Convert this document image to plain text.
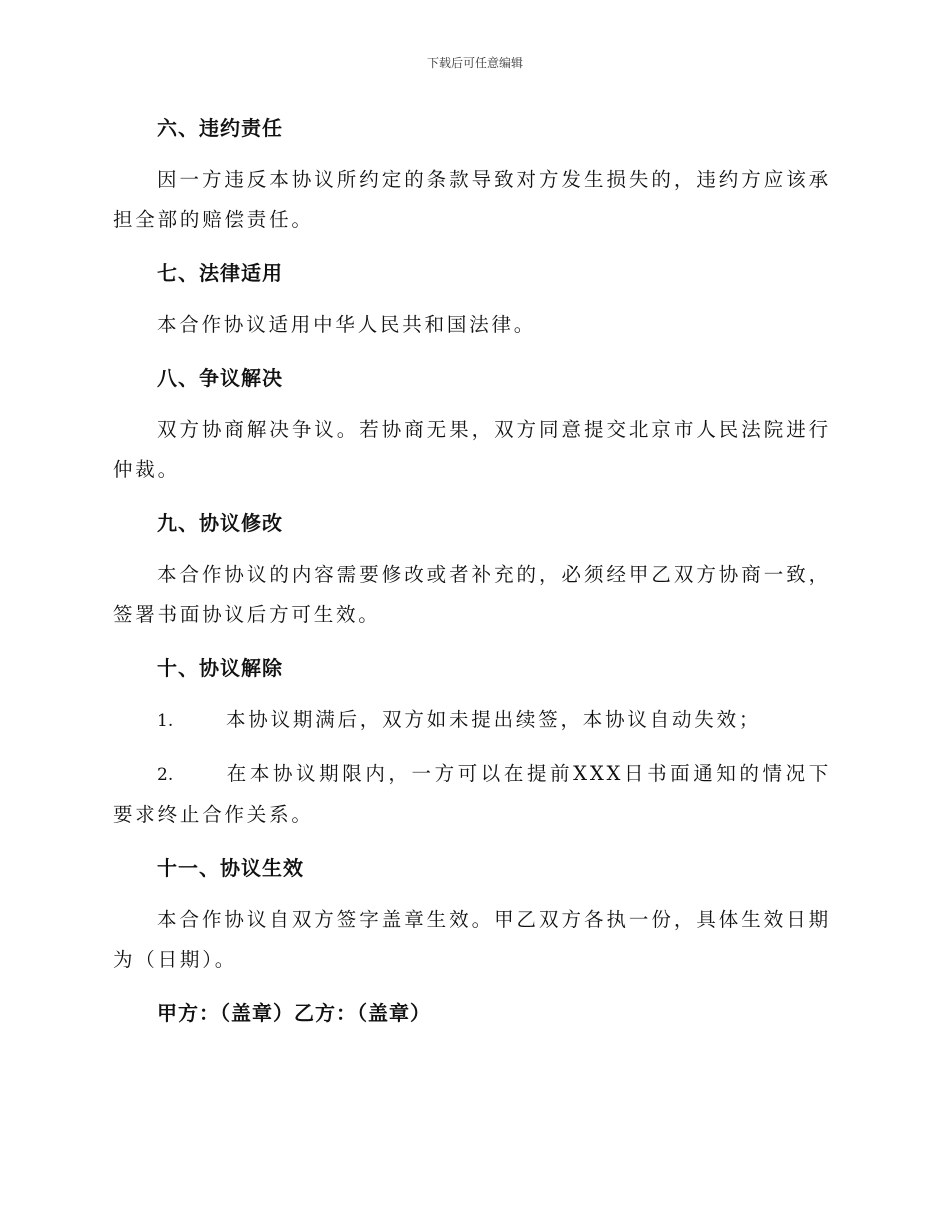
下载后可任意编辑
六、违约责任

因一方违反本协议所约定的条款导致对方发生损失的，违约方应该承担全部的赔偿责任。

七、法律适用

本合作协议适用中华人民共和国法律。

八、争议解决

双方协商解决争议。若协商无果，双方同意提交北京市人民法院进行仲裁。

九、协议修改

本合作协议的内容需要修改或者补充的，必须经甲乙双方协商一致，签署书面协议后方可生效。

十、协议解除

1.	本协议期满后，双方如未提出续签，本协议自动失效；

2.	在本协议期限内，一方可以在提前XXX日书面通知的情况下要求终止合作关系。

十一、协议生效

本合作协议自双方签字盖章生效。甲乙双方各执一份，具体生效日期为（日期）。

甲方：（盖章）乙方：（盖章）
